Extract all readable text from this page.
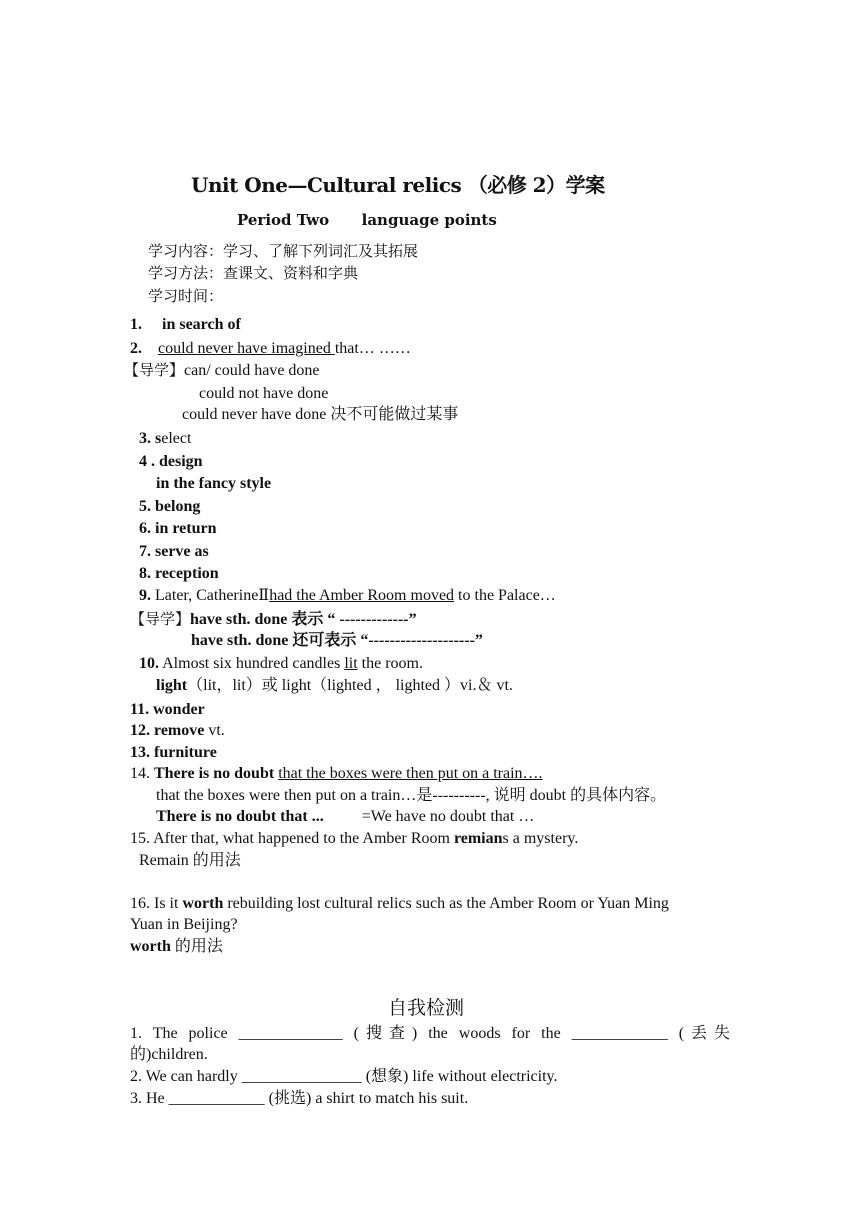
Unit One—Cultural relics （必修 2）学案
Period Two language points
学习内容：学习、了解下列词汇及其拓展
学习方法：查课文、资料和字典
学习时间：
1. in search of
2. could never have imagined that… ……
【导学】can/ could have done
could not have done
could never have done 决不可能做过某事
3. select
4 . design
in the fancy style
5. belong
6. in return
7. serve as
8. reception
9. Later, CatherineⅡhad the Amber Room moved to the Palace…
【导学】have sth. done 表示 “ -------------”
have sth. done 还可表示 “--------------------”
10. Almost six hundred candles lit the room.
light（lit，lit）或 light（lighted ， lighted ）vi.＆ vt.
11. wonder
12. remove vt.
13. furniture
14. There is no doubt that the boxes were then put on a train….
that the boxes were then put on a train…是----------, 说明 doubt 的具体内容。
There is no doubt that ... =We have no doubt that …
15. After that, what happened to the Amber Room remians a mystery.
Remain 的用法
16. Is it worth rebuilding lost cultural relics such as the Amber Room or Yuan Ming
Yuan in Beijing?
worth 的用法
自我检测
1. The police _____________ (搜查) the woods for the ____________ (丢失
的)children.
2. We can hardly _______________ (想象) life without electricity.
3. He ____________ (挑选) a shirt to match his suit.
